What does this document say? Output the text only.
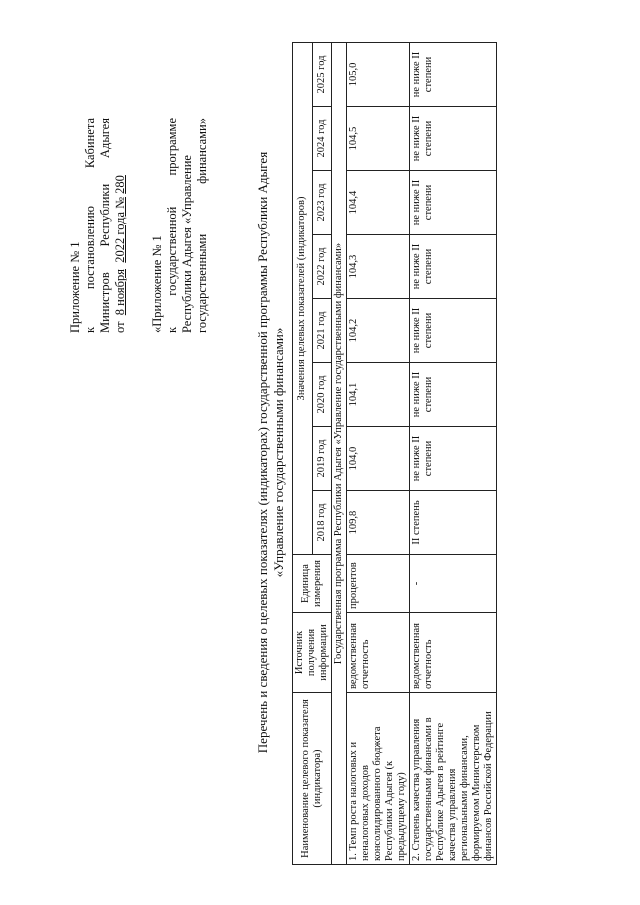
Приложение № 1 к
постановлению
Кабинета
Министров
Республики
Адыгея
от  8 ноября  2022 года № 280
«Приложение № 1 к
государственной
программе
Республики Адыгея «Управление государственными
финансами»
Перечень и сведения о целевых показателях (индикаторах) государственной программы Республики Адыгея «Управление государственными финансами»
Наименование целевого показателя (индикатора)	Источник получения информации	Единица измерения	Значения целевых показателей (индикаторов)							
			2018 год	2019 год	2020 год	2021 год	2022 год	2023 год	2024 год	2025 год
Государственная программа Республики Адыгея «Управление государственными финансами»										
1. Темп роста налоговых и неналоговых доходов консолидированного бюджета Республики Адыгея (к предыдущему году)	ведомственная отчетность	процентов	109,8	104,0	104,1	104,2	104,3	104,4	104,5	105,0
2. Степень качества управления государственными финансами в Республике Адыгея в рейтинге качества управления региональными финансами, формируемом Министерством финансов Российской Федерации	ведомственная отчетность	-	II степень	не ниже II степени	не ниже II степени	не ниже II степени	не ниже II степени	не ниже II степени	не ниже II степени	не ниже II степени
